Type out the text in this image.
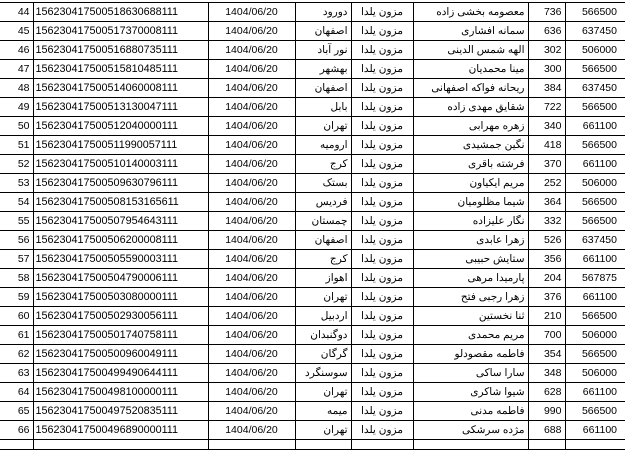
44	15623041750051863068811​1	1404/06/20	دورود	مزون یلدا	معصومه بخشی زاده	736	566500
45	15623041750051737000811​1	1404/06/20	اصفهان	مزون یلدا	سمانه افشاری	636	637450
46	15623041750051688073511​1	1404/06/20	نور آباد	مزون یلدا	الهه شمس الدینی	302	506000
47	15623041750051581048511​1	1404/06/20	بهشهر	مزون یلدا	مینا محمدیان	300	566500
48	15623041750051406000811​1	1404/06/20	اصفهان	مزون یلدا	ریحانه فواکه اصفهانی	384	637450
49	15623041750051313004711​1	1404/06/20	بابل	مزون یلدا	شقایق مهدی زاده	722	566500
50	15623041750051204000011​1	1404/06/20	تهران	مزون یلدا	زهره مهرابی	340	661100
51	15623041750051199005711​1	1404/06/20	ارومیه	مزون یلدا	نگین جمشیدی	418	566500
52	15623041750051014000311​1	1404/06/20	کرج	مزون یلدا	فرشته باقری	370	661100
53	15623041750050963079611​1	1404/06/20	بستک	مزون یلدا	مریم ایکیاون	252	506000
54	15623041750050815316561​1	1404/06/20	فردیس	مزون یلدا	شیما مظلومیان	364	566500
55	15623041750050795464311​1	1404/06/20	چمستان	مزون یلدا	نگار علیزاده	332	566500
56	15623041750050620000811​1	1404/06/20	اصفهان	مزون یلدا	زهرا عابدی	526	637450
57	15623041750050559000311​1	1404/06/20	کرج	مزون یلدا	ستایش حبیبی	356	661100
58	15623041750050479000611​1	1404/06/20	اهواز	مزون یلدا	پارمیدا مرهی	204	567875
59	15623041750050308000011​1	1404/06/20	تهران	مزون یلدا	زهرا رجبی فتح	376	661100
60	15623041750050293005611​1	1404/06/20	اردبیل	مزون یلدا	ثنا نخستین	210	566500
61	15623041750050174075811​1	1404/06/20	دوگنبدان	مزون یلدا	مریم محمدی	700	506000
62	15623041750050096004911​1	1404/06/20	گرگان	مزون یلدا	فاطمه مقصودلو	354	566500
63	15623041750049949064411​1	1404/06/20	سوسنگرد	مزون یلدا	سارا ساکی	348	506000
64	15623041750049810000011​1	1404/06/20	تهران	مزون یلدا	شیوا شاکری	628	661100
65	15623041750049752083511​1	1404/06/20	میمه	مزون یلدا	فاطمه مدنی	990	566500
66	15623041750049689000011​1	1404/06/20	تهران	مزون یلدا	مژده سرشکی	688	661100
